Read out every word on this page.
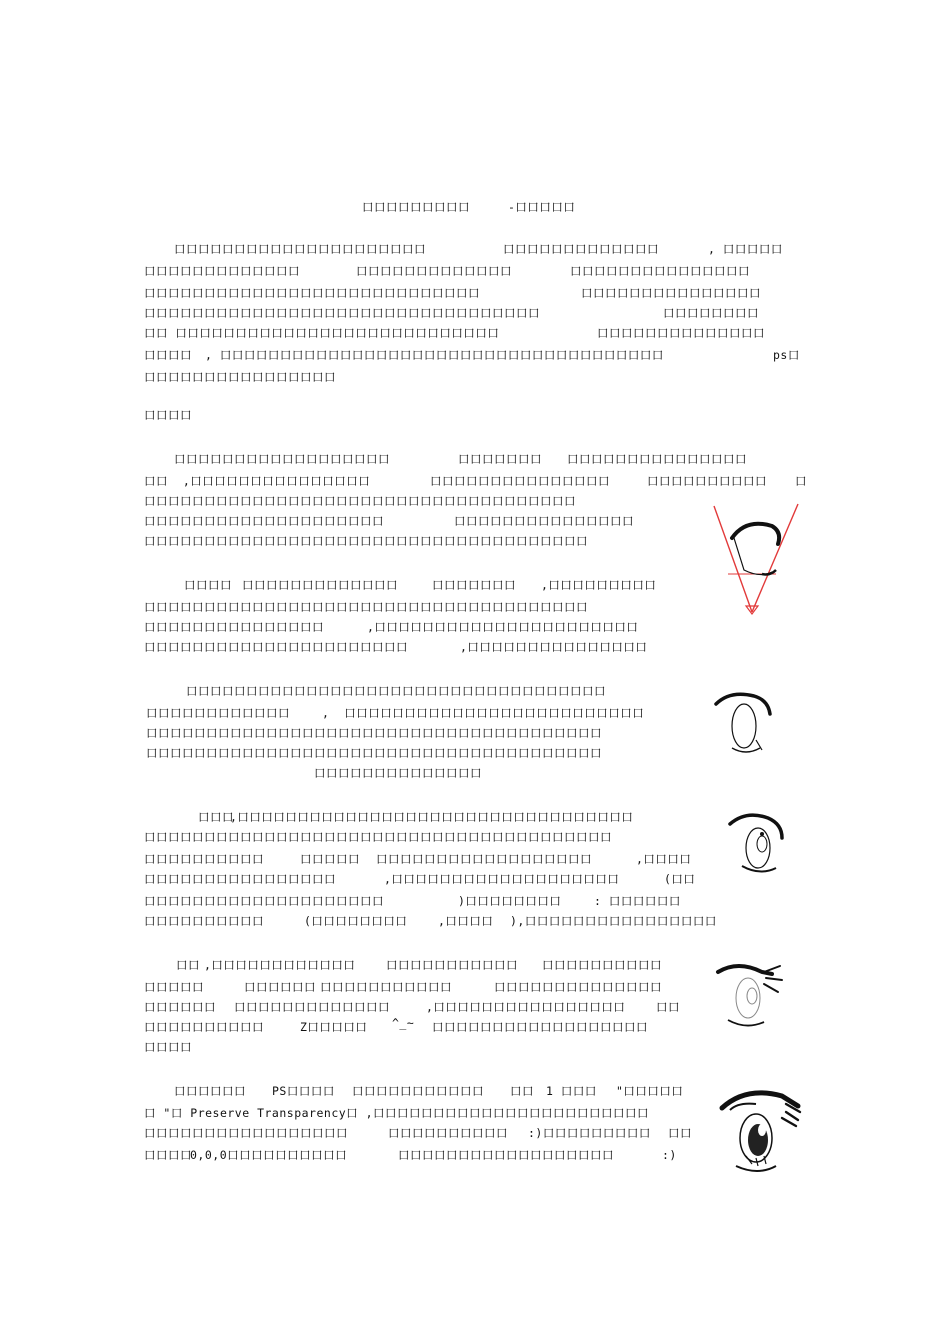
口口口口口口口口口	-口口口口口
口口口口口口口口口口口口口口口口口口口口口	口口口口口口口口口口口口口	, 口口口口口
口口口口口口口口口口口口口	口口口口口口口口口口口口口	口口口口口口口口口口口口口口口
口口口口口口口口口口口口口口口口口口口口口口口口口口口口	口口口口口口口口口口口口口口口
口口口口口口口口口口口口口口口口口口口口口口口口口口口口口口口口口	口口口口口口口口
口口 口口口口口口口口口口口口口口口口口口口口口口口口口口口	口口口口口口口口口口口口口口
口口口口 , 口口口口口口口口口口口口口口口口口口口口口口口口口口口口口口口口口口口口口	ps口
口口口口口口口口口口口口口口口口
口口口口
口口口口口口口口口口口口口口口口口口	口口口口口口口 口口口口口口口口口口口口口口口
口口  ,口口口口口口口口口口口口口口口	口口口口口口口口口口口口口口口	口口口口口口口口口口 口
口口口口口口口口口口口口口口口口口口口口口口口口口口口口口口口口口口口口
口口口口口口口口口口口口口口口口口口口口	口口口口口口口口口口口口口口口
口口口口口口口口口口口口口口口口口口口口口口口口口口口口口口口口口口口口口
口口口口 口口口口口口口口口口口口口	口口口口口口口 ,口口口口口口口口口
口口口口口口口口口口口口口口口口口口口口口口口口口口口口口口口口口口口口口
口口口口口口口口口口口口口口口	,口口口口口口口口口口口口口口口口口口口口口口
口口口口口口口口口口口口口口口口口口口口口口	,口口口口口口口口口口口口口口口
口口口口口口口口口口口口口口口口口口口口口口口口口口口口口口口口口口口
口口口口口口口口口口口口	,  口口口口口口口口口口口口口口口口口口口口口口口口口
口口口口口口口口口口口口口口口口口口口口口口口口口口口口口口口口口口口口口口
口口口口口口口口口口口口口口口口口口口口口口口口口口口口口口口口口口口口口口
口口口口口口口口口口口口口口
口口口
,口口口口口口口口口口口口口口口口口口口口口口口口口口口口口口口口口
口口口口口口口口口口口口口口口口口口口口口口口口口口口口口口口口口口口口口口口
口口口口口口口口口口	口口口口口 口口口口口口口口口口口口口口口口口口	,口口口口
口口口口口口口口口口口口口口口口	,口口口口口口口口口口口口口口口口口口口	(口口
口口口口口口口口口口口口口口口口口口口口	)口口口口口口口口	: 口口口口口口
口口口口口口口口口口	(口口口口口口口口	,口口口口 ),口口口口口口口口口口口口口口口口
口口 ,口口口口口口口口口口口口	口口口口口口口口口口口 口口口口口口口口口口
口口口口口	口口口口口口 口口口口口口口口口口口	口口口口口口口口口口口口口口
口口口口口口 口口口口口口口口口口口口口	,口口口口口口口口口口口口口口口口	口口
口口口口口口口口口口	Z口口口口口 ^_~ 口口口口口口口口口口口口口口口口口口
口口口口
口口口口口口 PS口口口口 口口口口口口口口口口口 口口 1 口口口 "口口口口口
口 "口 Preserve Transparency口 ,口口口口口口口口口口口口口口口口口口口口口口口
口口口口口口口口口口口口口口口口口	口口口口口口口口口口 :)口口口口口口口口口 口口
口口口口
0,0,0口口口口口口口口口口	口口口口口口口口口口口口口口口口口口	:)
